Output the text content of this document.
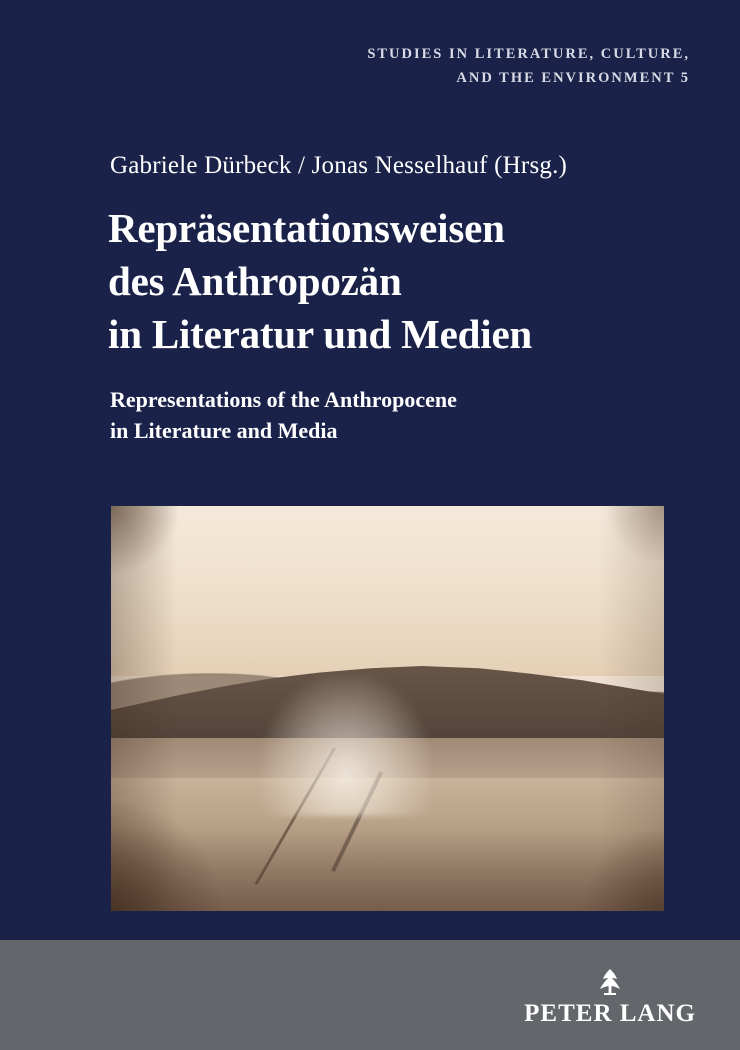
STUDIES IN LITERATURE, CULTURE,
AND THE ENVIRONMENT 5
Gabriele Dürbeck / Jonas Nesselhauf (Hrsg.)
Repräsentationsweisen
des Anthropozän
in Literatur und Medien
Representations of the Anthropocene
in Literature and Media
PETER LANG
